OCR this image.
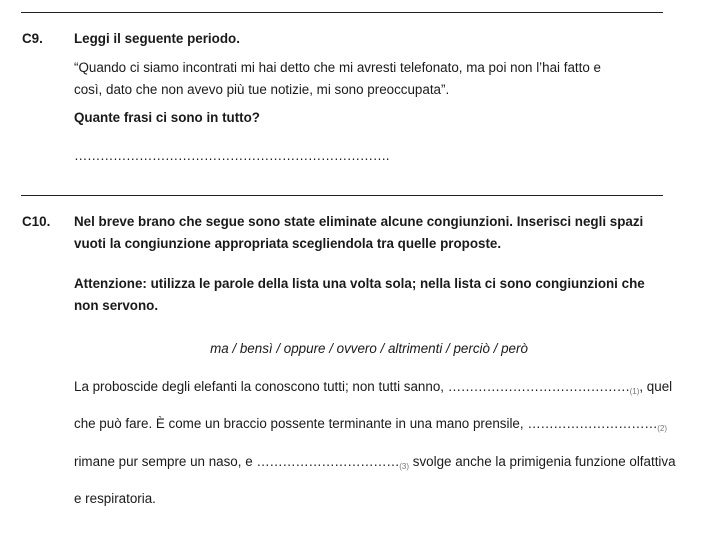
C9. Leggi il seguente periodo.
“Quando ci siamo incontrati mi hai detto che mi avresti telefonato, ma poi non l’hai fatto e
così, dato che non avevo più tue notizie, mi sono preoccupata”.
Quante frasi ci sono in tutto?
……………………………………………………………….
C10. Nel breve brano che segue sono state eliminate alcune congiunzioni. Inserisci negli spazi
vuoti la congiunzione appropriata scegliendola tra quelle proposte.
Attenzione: utilizza le parole della lista una volta sola; nella lista ci sono congiunzioni che
non servono.
ma / bensì / oppure / ovvero / altrimenti / perciò / però
La proboscide degli elefanti la conoscono tutti; non tutti sanno, $\dots\dots\dots\dots\dots\dots\dots\dots\dots\dots\dots\dots\dots\dots_{(1)}$, quel
che può fare. È come un braccio possente terminante in una mano prensile, $\dots\dots\dots\dots\dots\dots\dots\dots\dots\dots_{(2)}$
rimane pur sempre un naso, e $\dots\dots\dots\dots\dots\dots\dots\dots\dots\dots\dots_{(3)}$ svolge anche la primigenia funzione olfattiva
e respiratoria.
